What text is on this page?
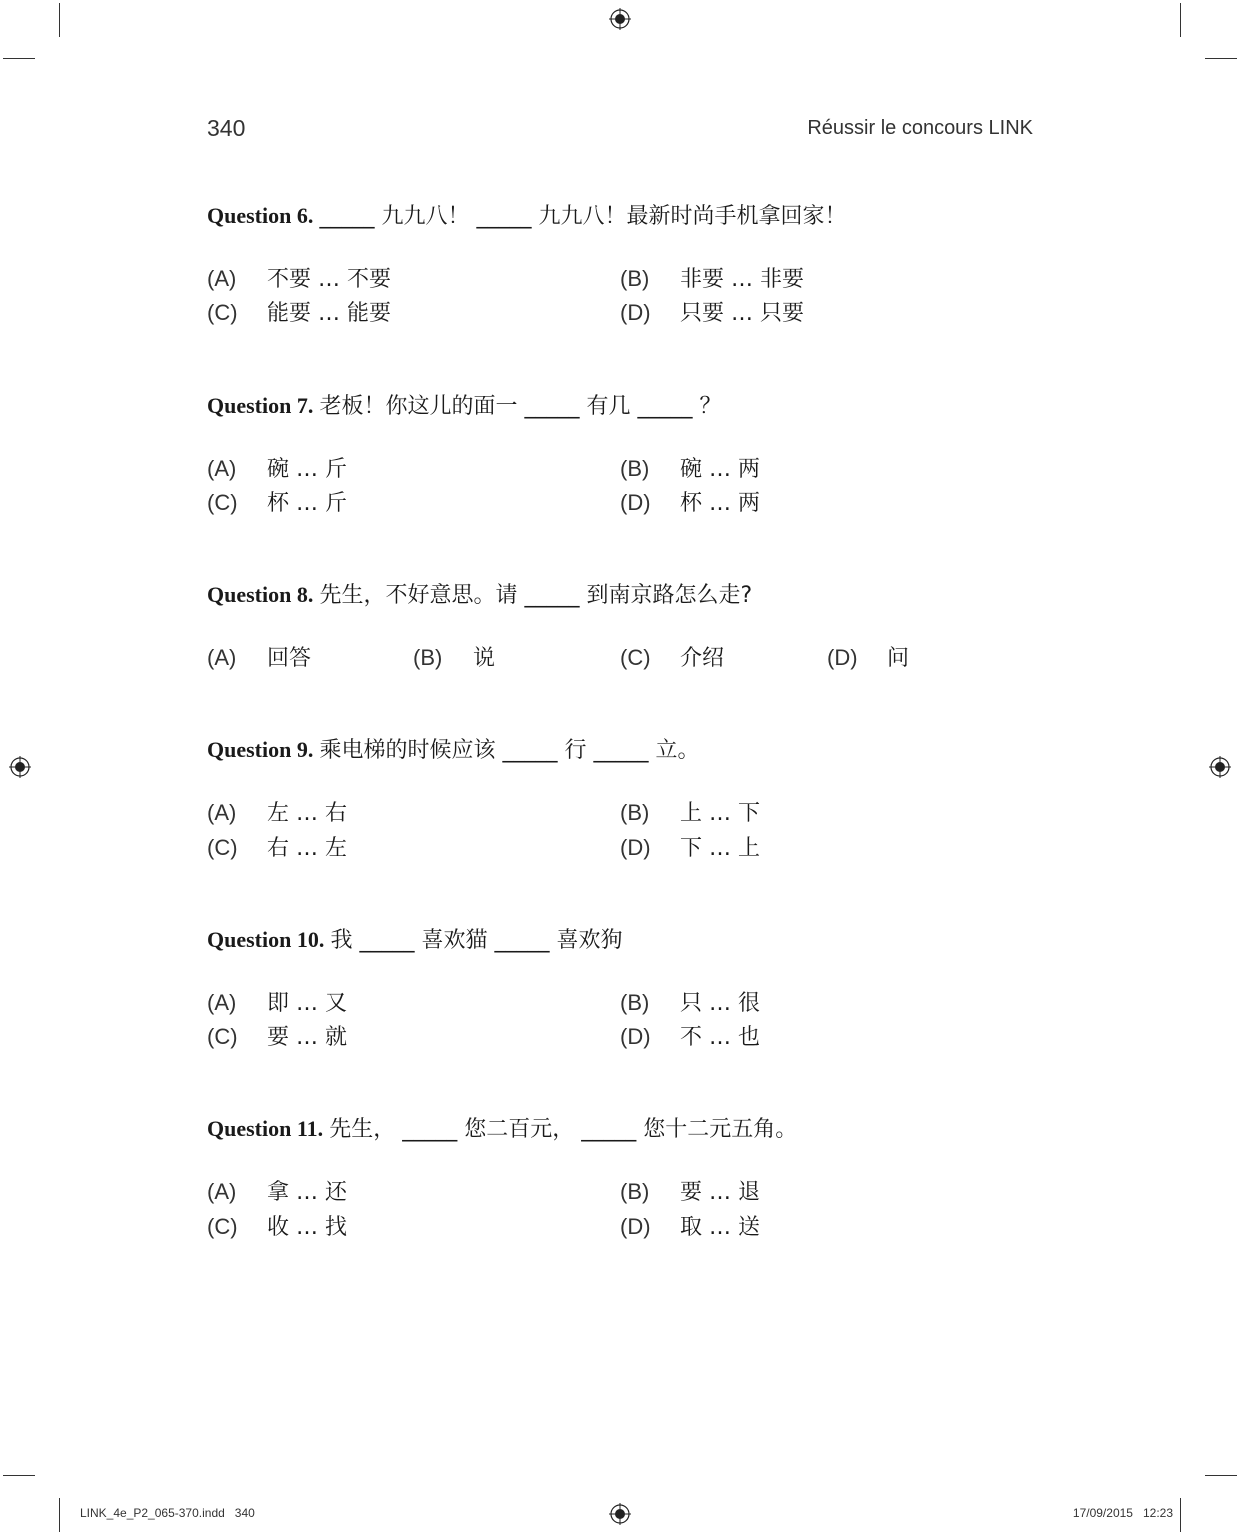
340	Réussir le concours LINK
Question 6. _____ 九九八！ _____ 九九八！最新时尚手机拿回家！
(A) 不要 … 不要	(B) 非要 … 非要
(C) 能要 … 能要	(D) 只要 … 只要
Question 7. 老板！你这儿的面一 _____ 有几 _____ ？
(A) 碗 … 斤	(B) 碗 … 两
(C) 杯 … 斤	(D) 杯 … 两
Question 8. 先生，不好意思。请 _____ 到南京路怎么走?
(A) 回答	(B) 说	(C) 介绍	(D) 问
Question 9. 乘电梯的时候应该 _____ 行 _____ 立。
(A) 左 … 右	(B) 上 … 下
(C) 右 … 左	(D) 下 … 上
Question 10. 我 _____ 喜欢猫 _____ 喜欢狗
(A) 即 … 又	(B) 只 … 很
(C) 要 … 就	(D) 不 … 也
Question 11. 先生， _____ 您二百元， _____ 您十二元五角。
(A) 拿 … 还	(B) 要 … 退
(C) 收 … 找	(D) 取 … 送
LINK_4e_P2_065-370.indd   340	17/09/2015   12:23
